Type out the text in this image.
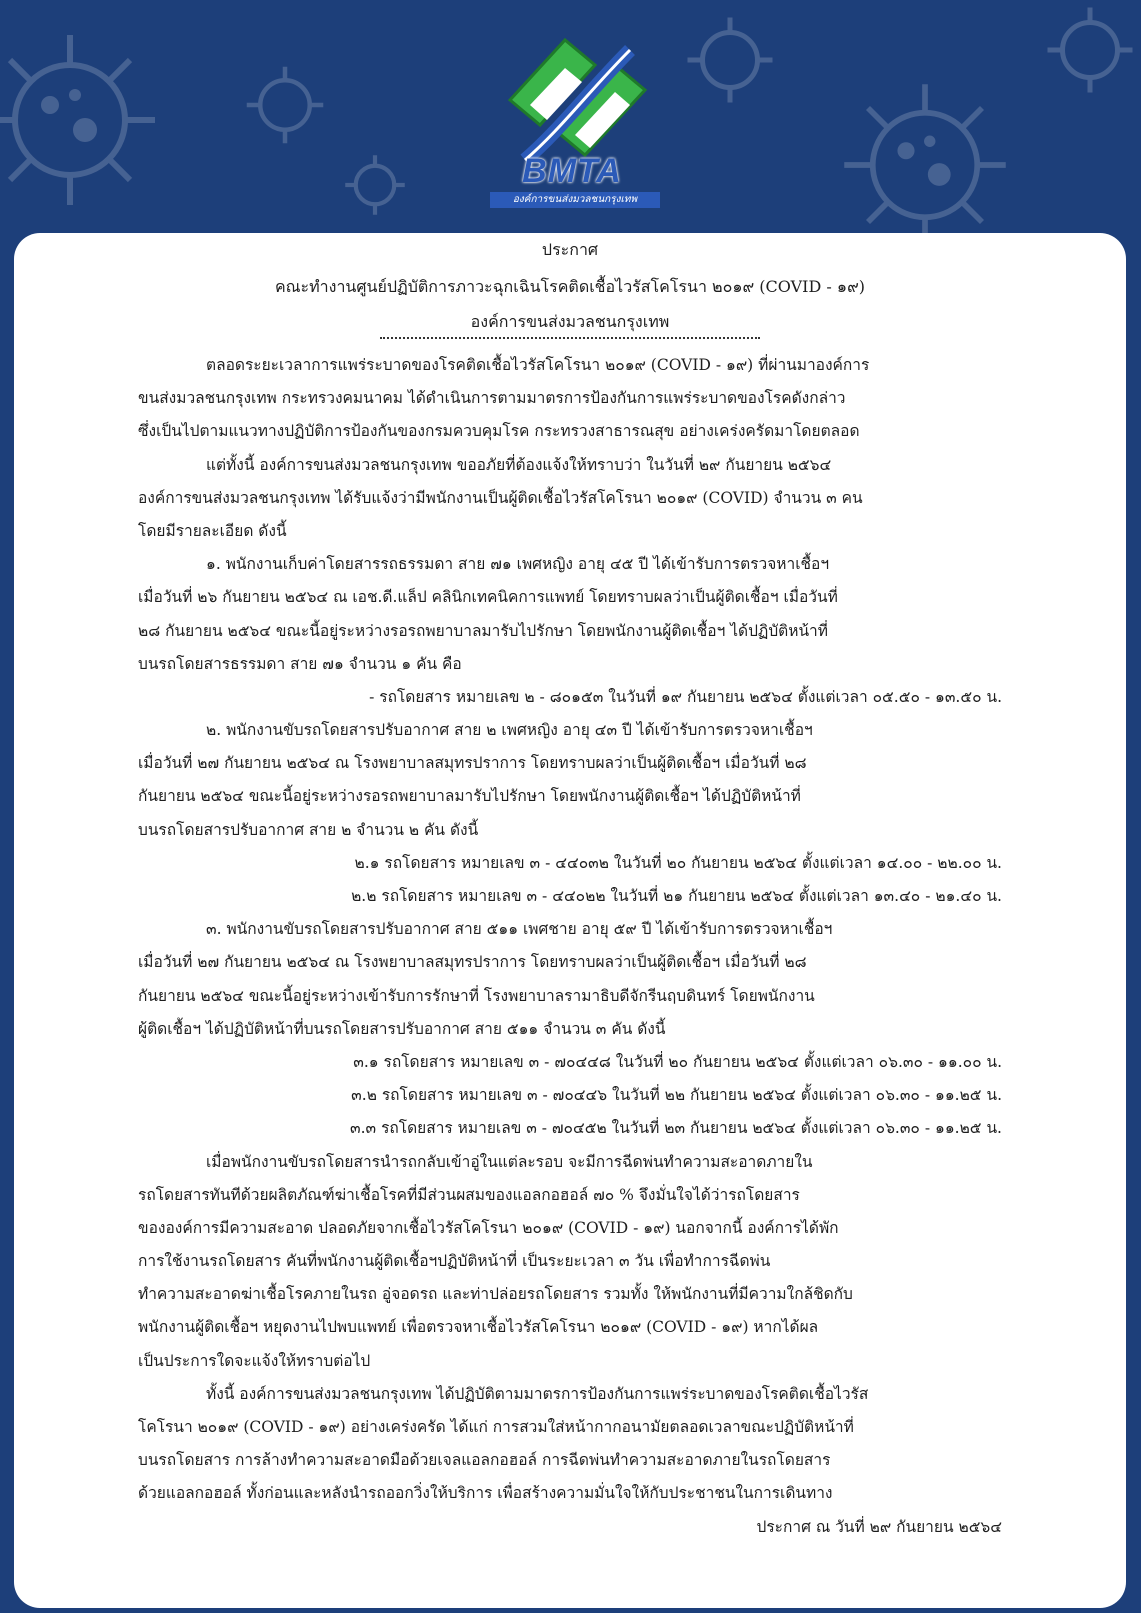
BMTA
องค์การขนส่งมวลชนกรุงเทพ
ประกาศ
คณะทำงานศูนย์ปฏิบัติการภาวะฉุกเฉินโรคติดเชื้อไวรัสโคโรนา ๒๐๑๙ (COVID - ๑๙)
องค์การขนส่งมวลชนกรุงเทพ
ตลอดระยะเวลาการแพร่ระบาดของโรคติดเชื้อไวรัสโคโรนา ๒๐๑๙ (COVID - ๑๙) ที่ผ่านมาองค์การ
ขนส่งมวลชนกรุงเทพ กระทรวงคมนาคม ได้ดำเนินการตามมาตรการป้องกันการแพร่ระบาดของโรคดังกล่าว
ซึ่งเป็นไปตามแนวทางปฏิบัติการป้องกันของกรมควบคุมโรค กระทรวงสาธารณสุข อย่างเคร่งครัดมาโดยตลอด
แต่ทั้งนี้ องค์การขนส่งมวลชนกรุงเทพ ขออภัยที่ต้องแจ้งให้ทราบว่า ในวันที่ ๒๙ กันยายน ๒๕๖๔
องค์การขนส่งมวลชนกรุงเทพ ได้รับแจ้งว่ามีพนักงานเป็นผู้ติดเชื้อไวรัสโคโรนา ๒๐๑๙ (COVID) จำนวน ๓ คน
โดยมีรายละเอียด ดังนี้
๑. พนักงานเก็บค่าโดยสารรถธรรมดา สาย ๗๑ เพศหญิง อายุ ๔๕ ปี ได้เข้ารับการตรวจหาเชื้อฯ
เมื่อวันที่ ๒๖ กันยายน ๒๕๖๔ ณ เอช.ดี.แล็ป คลินิกเทคนิคการแพทย์ โดยทราบผลว่าเป็นผู้ติดเชื้อฯ เมื่อวันที่
๒๘ กันยายน ๒๕๖๔ ขณะนี้อยู่ระหว่างรอรถพยาบาลมารับไปรักษา โดยพนักงานผู้ติดเชื้อฯ ได้ปฏิบัติหน้าที่
บนรถโดยสารธรรมดา สาย ๗๑ จำนวน ๑ คัน คือ
- รถโดยสาร หมายเลข ๒ - ๘๐๑๕๓ ในวันที่ ๑๙ กันยายน ๒๕๖๔ ตั้งแต่เวลา ๐๕.๕๐ - ๑๓.๕๐ น.
๒. พนักงานขับรถโดยสารปรับอากาศ สาย ๒ เพศหญิง อายุ ๔๓ ปี ได้เข้ารับการตรวจหาเชื้อฯ
เมื่อวันที่ ๒๗ กันยายน ๒๕๖๔ ณ โรงพยาบาลสมุทรปราการ โดยทราบผลว่าเป็นผู้ติดเชื้อฯ เมื่อวันที่ ๒๘
กันยายน ๒๕๖๔ ขณะนี้อยู่ระหว่างรอรถพยาบาลมารับไปรักษา โดยพนักงานผู้ติดเชื้อฯ ได้ปฏิบัติหน้าที่
บนรถโดยสารปรับอากาศ สาย ๒ จำนวน ๒ คัน ดังนี้
๒.๑ รถโดยสาร หมายเลข ๓ - ๔๔๐๓๒ ในวันที่ ๒๐ กันยายน ๒๕๖๔ ตั้งแต่เวลา ๑๔.๐๐ - ๒๒.๐๐ น.
๒.๒ รถโดยสาร หมายเลข ๓ - ๔๔๐๒๒ ในวันที่ ๒๑ กันยายน ๒๕๖๔ ตั้งแต่เวลา ๑๓.๔๐ - ๒๑.๔๐ น.
๓. พนักงานขับรถโดยสารปรับอากาศ สาย ๕๑๑ เพศชาย อายุ ๕๙ ปี ได้เข้ารับการตรวจหาเชื้อฯ
เมื่อวันที่ ๒๗ กันยายน ๒๕๖๔ ณ โรงพยาบาลสมุทรปราการ โดยทราบผลว่าเป็นผู้ติดเชื้อฯ เมื่อวันที่ ๒๘
กันยายน ๒๕๖๔ ขณะนี้อยู่ระหว่างเข้ารับการรักษาที่ โรงพยาบาลรามาธิบดีจักรีนฤบดินทร์ โดยพนักงาน
ผู้ติดเชื้อฯ ได้ปฏิบัติหน้าที่บนรถโดยสารปรับอากาศ สาย ๕๑๑ จำนวน ๓ คัน ดังนี้
๓.๑ รถโดยสาร หมายเลข ๓ - ๗๐๔๔๘ ในวันที่ ๒๐ กันยายน ๒๕๖๔ ตั้งแต่เวลา ๐๖.๓๐ - ๑๑.๐๐ น.
๓.๒ รถโดยสาร หมายเลข ๓ - ๗๐๔๔๖ ในวันที่ ๒๒ กันยายน ๒๕๖๔ ตั้งแต่เวลา ๐๖.๓๐ - ๑๑.๒๕ น.
๓.๓ รถโดยสาร หมายเลข ๓ - ๗๐๔๕๒ ในวันที่ ๒๓ กันยายน ๒๕๖๔ ตั้งแต่เวลา ๐๖.๓๐ - ๑๑.๒๕ น.
เมื่อพนักงานขับรถโดยสารนำรถกลับเข้าอู่ในแต่ละรอบ จะมีการฉีดพ่นทำความสะอาดภายใน
รถโดยสารทันทีด้วยผลิตภัณฑ์ฆ่าเชื้อโรคที่มีส่วนผสมของแอลกอฮอล์ ๗๐ % จึงมั่นใจได้ว่ารถโดยสาร
ขององค์การมีความสะอาด ปลอดภัยจากเชื้อไวรัสโคโรนา ๒๐๑๙ (COVID - ๑๙) นอกจากนี้ องค์การได้พัก
การใช้งานรถโดยสาร คันที่พนักงานผู้ติดเชื้อฯปฏิบัติหน้าที่ เป็นระยะเวลา ๓ วัน เพื่อทำการฉีดพ่น
ทำความสะอาดฆ่าเชื้อโรคภายในรถ อู่จอดรถ และท่าปล่อยรถโดยสาร รวมทั้ง ให้พนักงานที่มีความใกล้ชิดกับ
พนักงานผู้ติดเชื้อฯ หยุดงานไปพบแพทย์ เพื่อตรวจหาเชื้อไวรัสโคโรนา ๒๐๑๙ (COVID - ๑๙) หากได้ผล
เป็นประการใดจะแจ้งให้ทราบต่อไป
ทั้งนี้ องค์การขนส่งมวลชนกรุงเทพ ได้ปฏิบัติตามมาตรการป้องกันการแพร่ระบาดของโรคติดเชื้อไวรัส
โคโรนา ๒๐๑๙ (COVID - ๑๙) อย่างเคร่งครัด ได้แก่ การสวมใส่หน้ากากอนามัยตลอดเวลาขณะปฏิบัติหน้าที่
บนรถโดยสาร การล้างทำความสะอาดมือด้วยเจลแอลกอฮอล์ การฉีดพ่นทำความสะอาดภายในรถโดยสาร
ด้วยแอลกอฮอล์ ทั้งก่อนและหลังนำรถออกวิ่งให้บริการ เพื่อสร้างความมั่นใจให้กับประชาชนในการเดินทาง
ประกาศ ณ วันที่ ๒๙ กันยายน ๒๕๖๔
